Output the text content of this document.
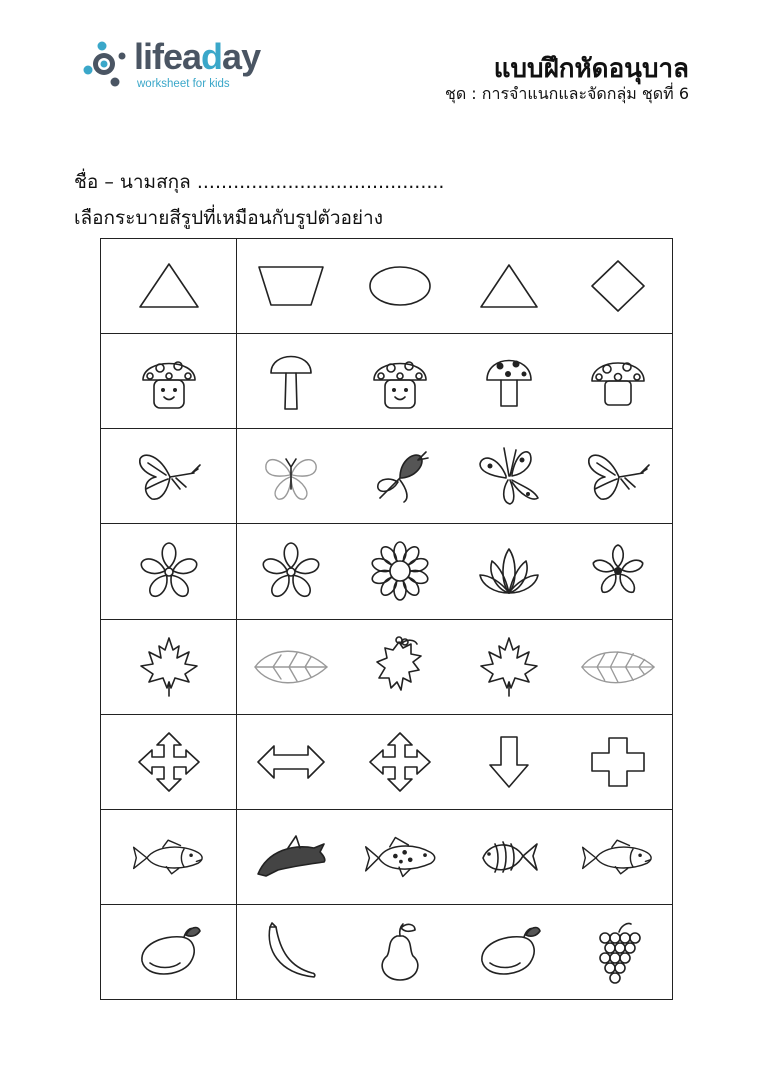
lifeaday
worksheet for kids	แบบฝึกหัดอนุบาล
ชุด : การจำแนกและจัดกลุ่ม ชุดที่ 6
ชื่อ – นามสกุล .........................................
เลือกระบายสีรูปที่เหมือนกับรูปตัวอย่าง
